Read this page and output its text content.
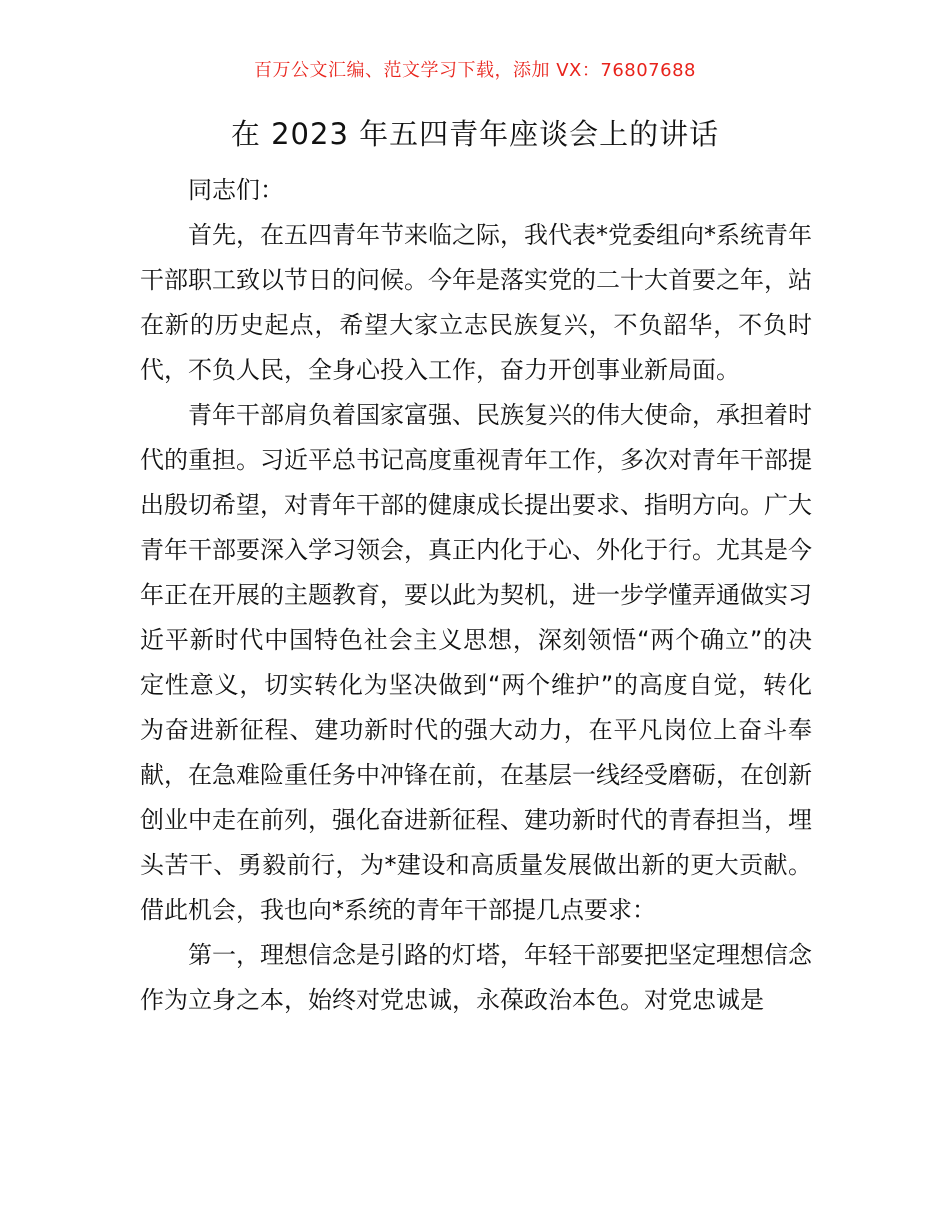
百万公文汇编、范文学习下载，添加 VX：76807688
在 2023 年五四青年座谈会上的讲话

同志们：

首先，在五四青年节来临之际，我代表*党委组向*系统青年干部职工致以节日的问候。今年是落实党的二十大首要之年，站在新的历史起点，希望大家立志民族复兴，不负韶华，不负时代，不负人民，全身心投入工作，奋力开创事业新局面。

青年干部肩负着国家富强、民族复兴的伟大使命，承担着时代的重担。习近平总书记高度重视青年工作，多次对青年干部提出殷切希望，对青年干部的健康成长提出要求、指明方向。广大青年干部要深入学习领会，真正内化于心、外化于行。尤其是今年正在开展的主题教育，要以此为契机，进一步学懂弄通做实习近平新时代中国特色社会主义思想，深刻领悟“两个确立”的决定性意义，切实转化为坚决做到“两个维护”的高度自觉，转化为奋进新征程、建功新时代的强大动力，在平凡岗位上奋斗奉献，在急难险重任务中冲锋在前，在基层一线经受磨砺，在创新创业中走在前列，强化奋进新征程、建功新时代的青春担当，埋头苦干、勇毅前行，为*建设和高质量发展做出新的更大贡献。借此机会，我也向*系统的青年干部提几点要求：

第一，理想信念是引路的灯塔，年轻干部要把坚定理想信念作为立身之本，始终对党忠诚，永葆政治本色。对党忠诚是
